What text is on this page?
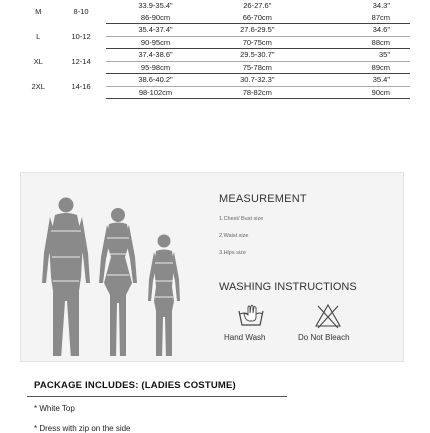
M	8-10	33.9-35.4"	26-27.6"	34.3"
		86-90cm	66-70cm	87cm
L	10-12	35.4-37.4"	27.6-29.5"	34.6"
		90-95cm	70-75cm	88cm
XL	12-14	37.4-38.6"	29.5-30.7"	35"
		95-98cm	75-78cm	89cm
2XL	14-16	38.6-40.2"	30.7-32.3"	35.4"
		98-102cm	78-82cm	90cm
MEASUREMENT
1.Chest/ Bust size
2.Waist size
3.Hips size
WASHING INSTRUCTIONS
Hand Wash	Do Not Bleach
PACKAGE INCLUDES: (LADIES COSTUME)
* White Top
* Dress with zip on the side
